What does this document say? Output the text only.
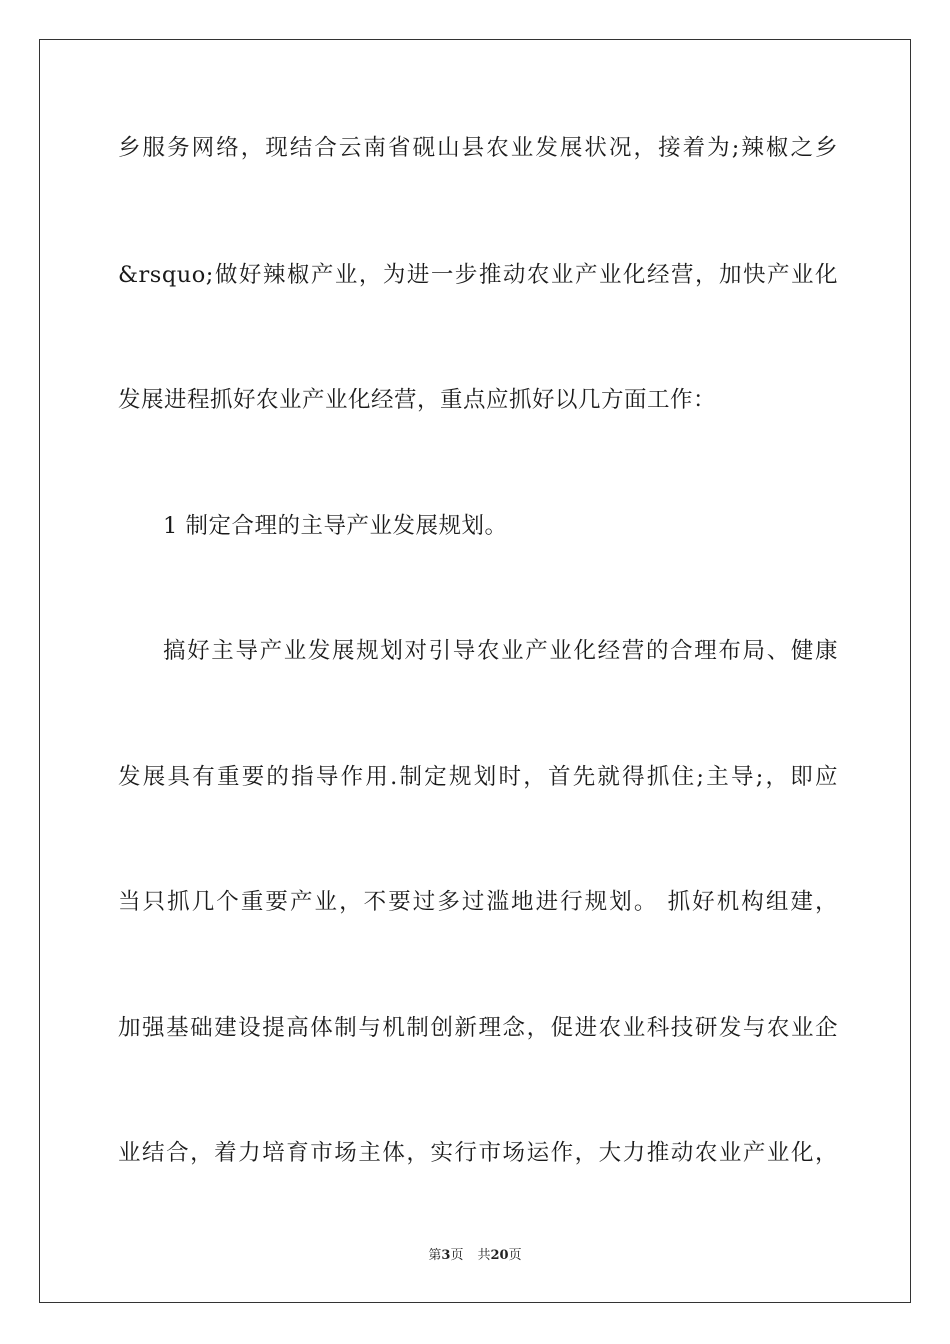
乡服务网络，现结合云南省砚山县农业发展状况，接着为;辣椒之乡
&rsquo;做好辣椒产业，为进一步推动农业产业化经营，加快产业化
发展进程抓好农业产业化经营，重点应抓好以几方面工作：
1 制定合理的主导产业发展规划。
搞好主导产业发展规划对引导农业产业化经营的合理布局、健康
发展具有重要的指导作用.制定规划时，首先就得抓住;主导;，即应
当只抓几个重要产业，不要过多过滥地进行规划。 抓好机构组建，
加强基础建设提高体制与机制创新理念，促进农业科技研发与农业企
业结合，着力培育市场主体，实行市场运作，大力推动农业产业化，
第3页 共20页
